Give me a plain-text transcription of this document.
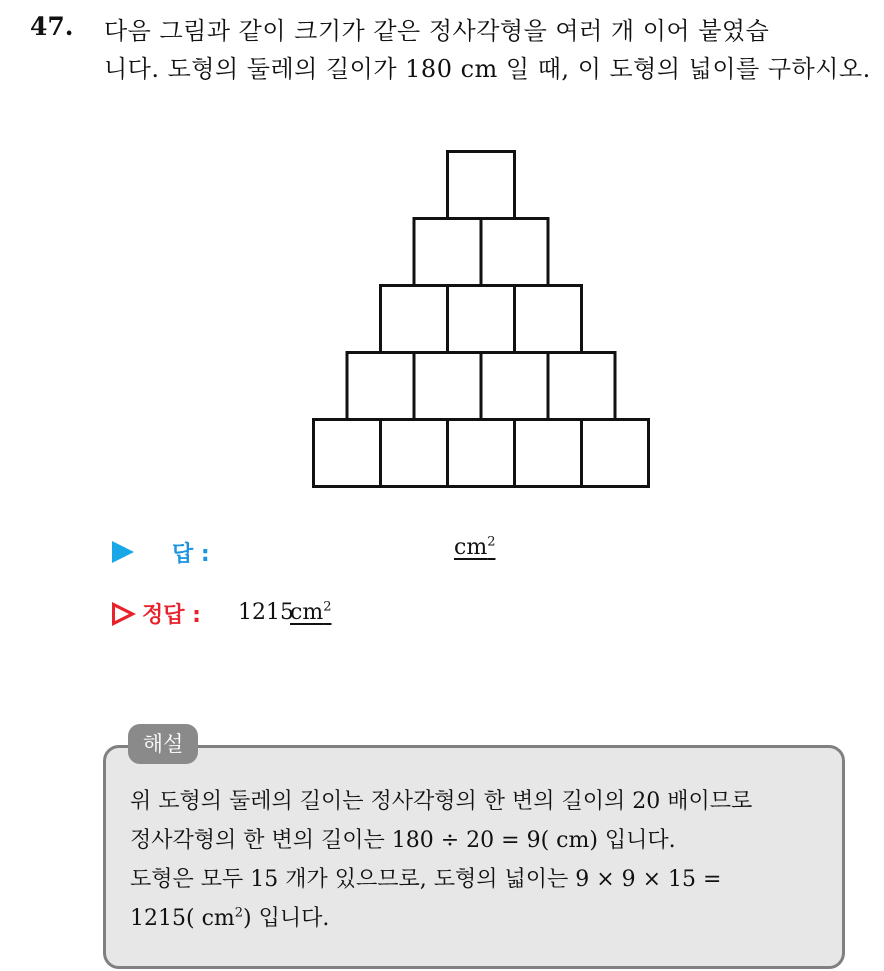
47. 다음 그림과 같이 크기가 같은 정사각형을 여러 개 이어 붙였습
니다. 도형의 둘레의 길이가 180 cm 일 때, 이 도형의 넓이를 구하시오.
답 :	$cm^2$
정답 : 1215
$cm^2$
해설
위 도형의 둘레의 길이는 정사각형의 한 변의 길이의 20 배이므로
정사각형의 한 변의 길이는 180 ÷ 20 = 9( cm) 입니다.
도형은 모두 15 개가 있으므로, 도형의 넓이는 9 × 9 × 15 =
1215( $cm^2$) 입니다.
